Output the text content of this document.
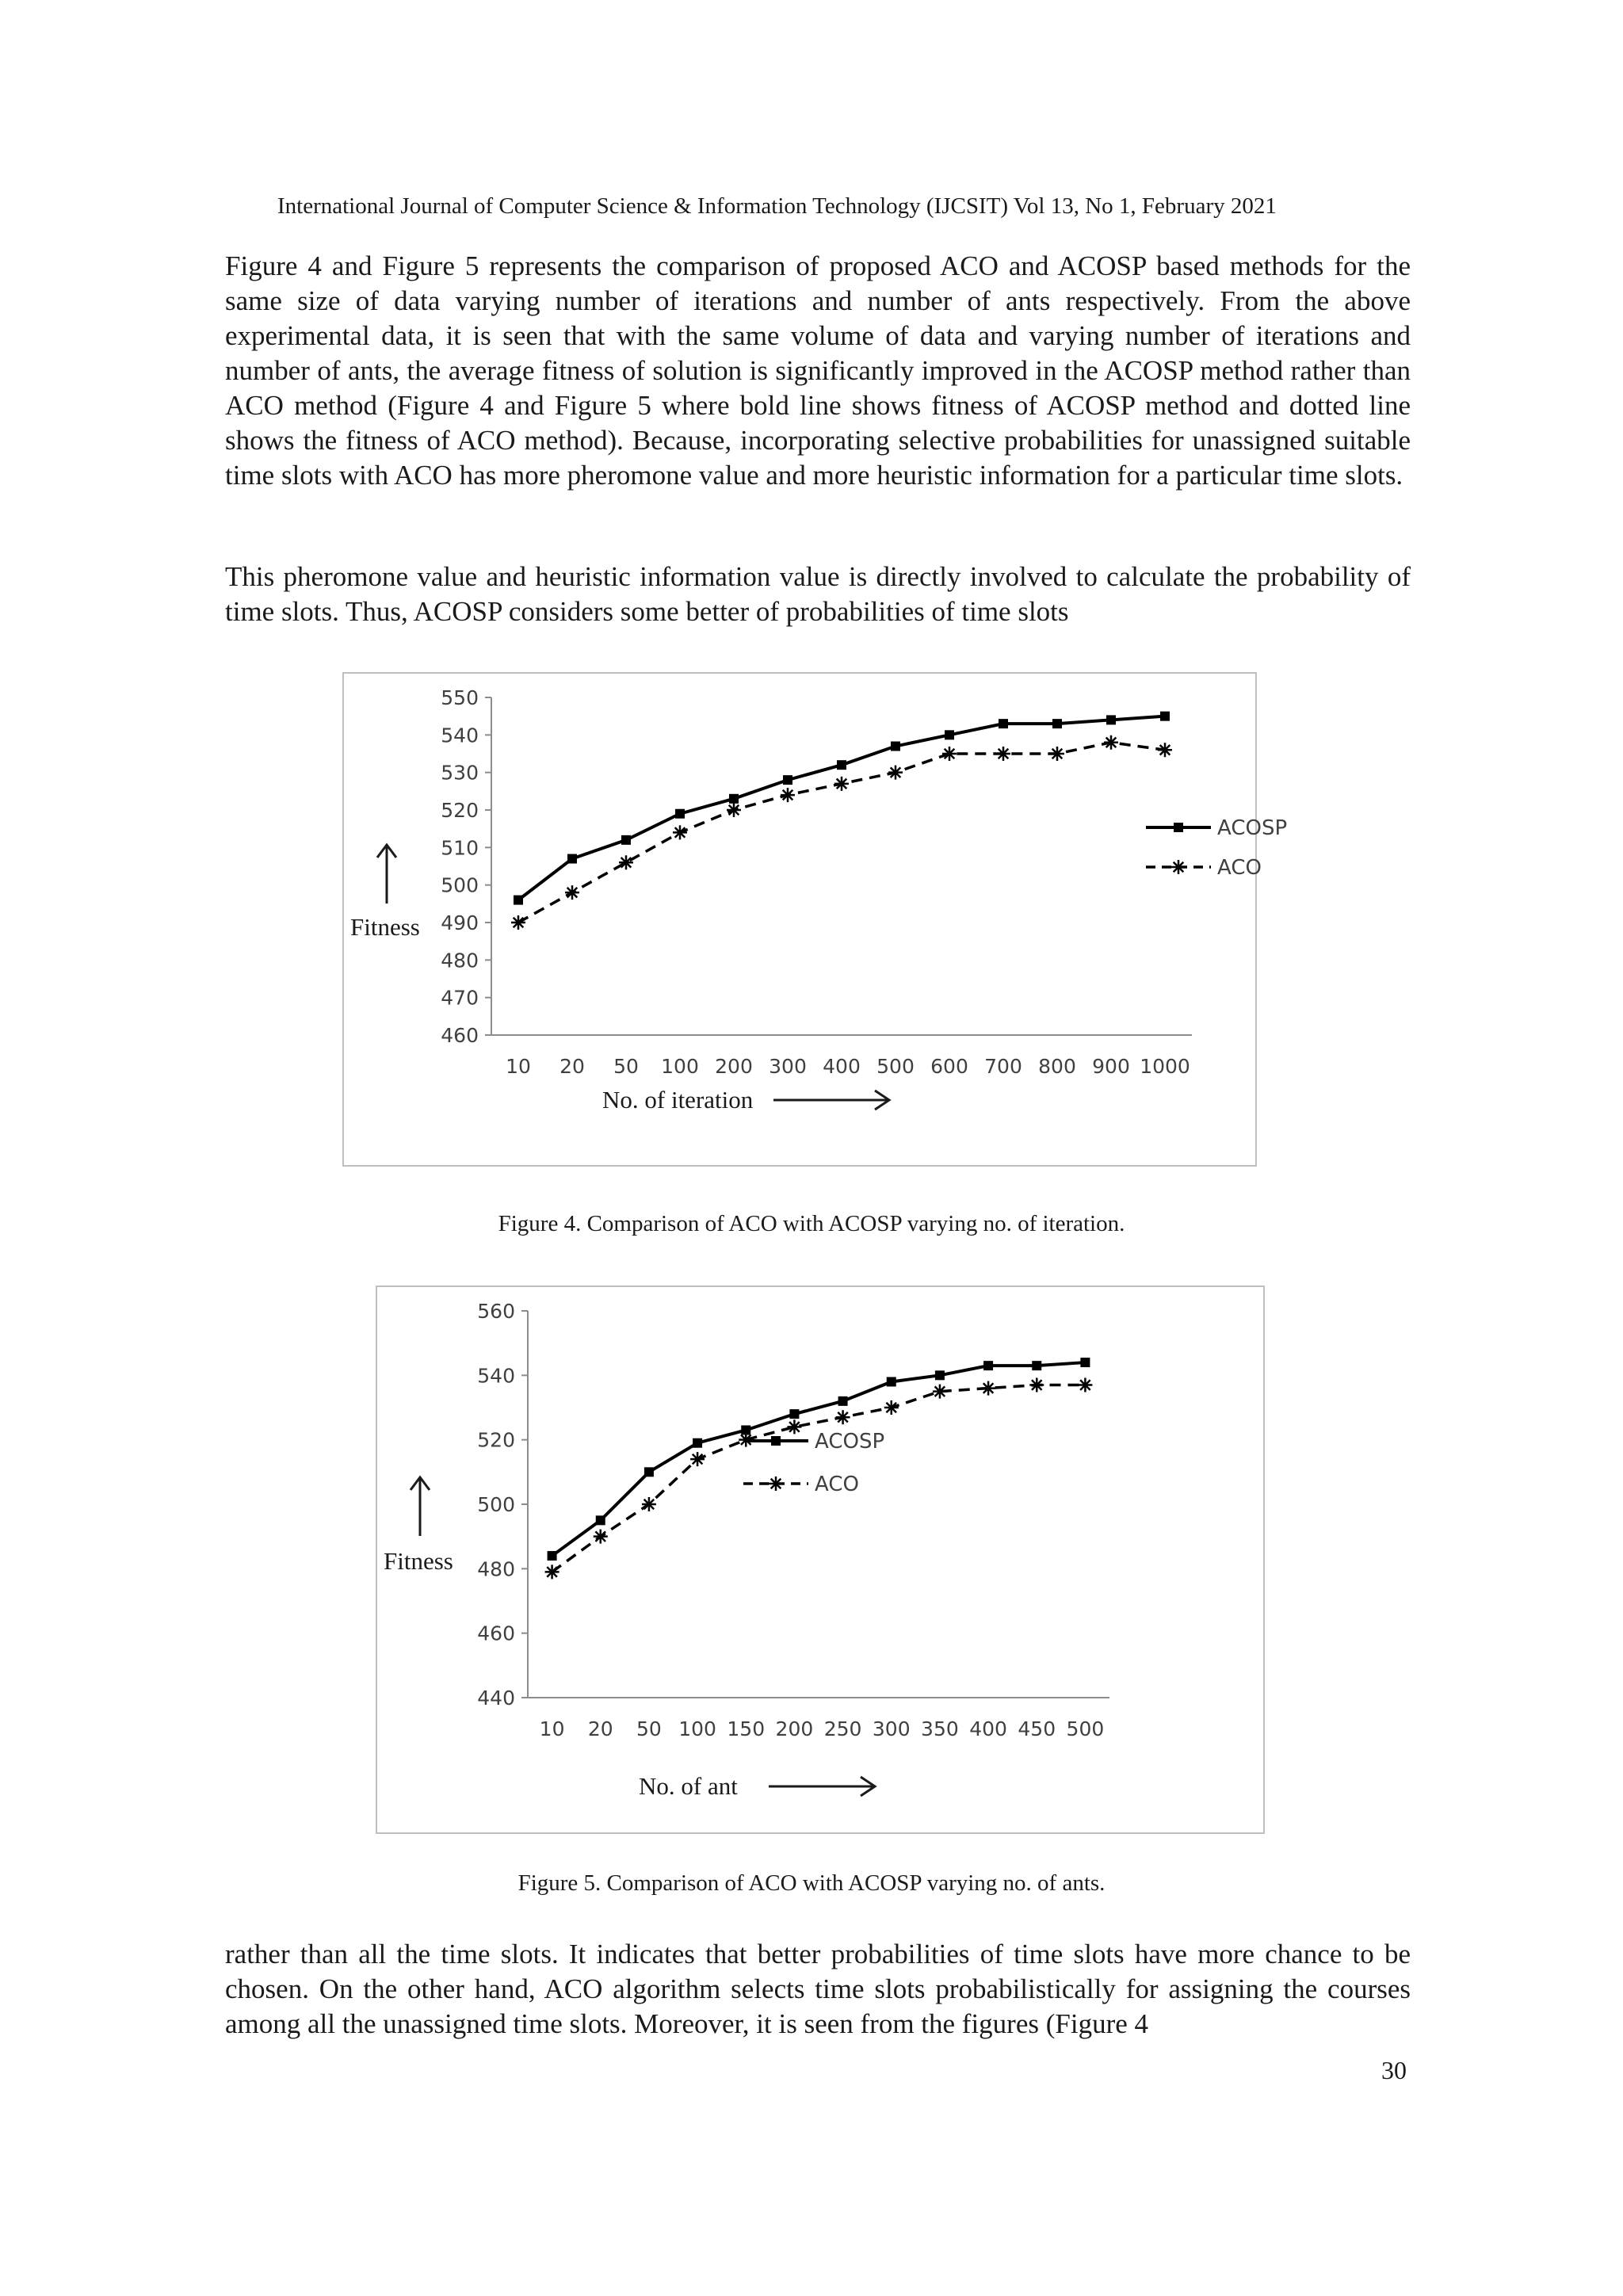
International Journal of Computer Science & Information Technology (IJCSIT) Vol 13, No 1, February 2021

Figure 4 and Figure 5 represents the comparison of proposed ACO and ACOSP based methods for the same size of data varying number of iterations and number of ants respectively. From the above experimental data, it is seen that with the same volume of data and varying number of iterations and number of ants, the average fitness of solution is significantly improved in the ACOSP method rather than ACO method (Figure 4 and Figure 5 where bold line shows fitness of ACOSP method and dotted line shows the fitness of ACO method). Because, incorporating selective probabilities for unassigned suitable time slots with ACO has more pheromone value and more heuristic information for a particular time slots.

This pheromone value and heuristic information value is directly involved to calculate the probability of time slots. Thus, ACOSP considers some better of probabilities of time slots

460
470
480
490
500
510
520
530
540
550
10 20 50 100 200 300 400 500 600 700 800 900 1000
ACOSP
ACO
Fitness
No. of iteration
Figure 4. Comparison of ACO with ACOSP varying no. of iteration.
440
460
480
500
520
540
560
10 20 50 100 150 200 250 300 350 400 450 500
ACOSP
ACO
Fitness
No. of ant
Figure 5. Comparison of ACO with ACOSP varying no. of ants.

rather than all the time slots. It indicates that better probabilities of time slots have more chance to be chosen. On the other hand, ACO algorithm selects time slots probabilistically for assigning the courses among all the unassigned time slots. Moreover, it is seen from the figures (Figure 4

30
